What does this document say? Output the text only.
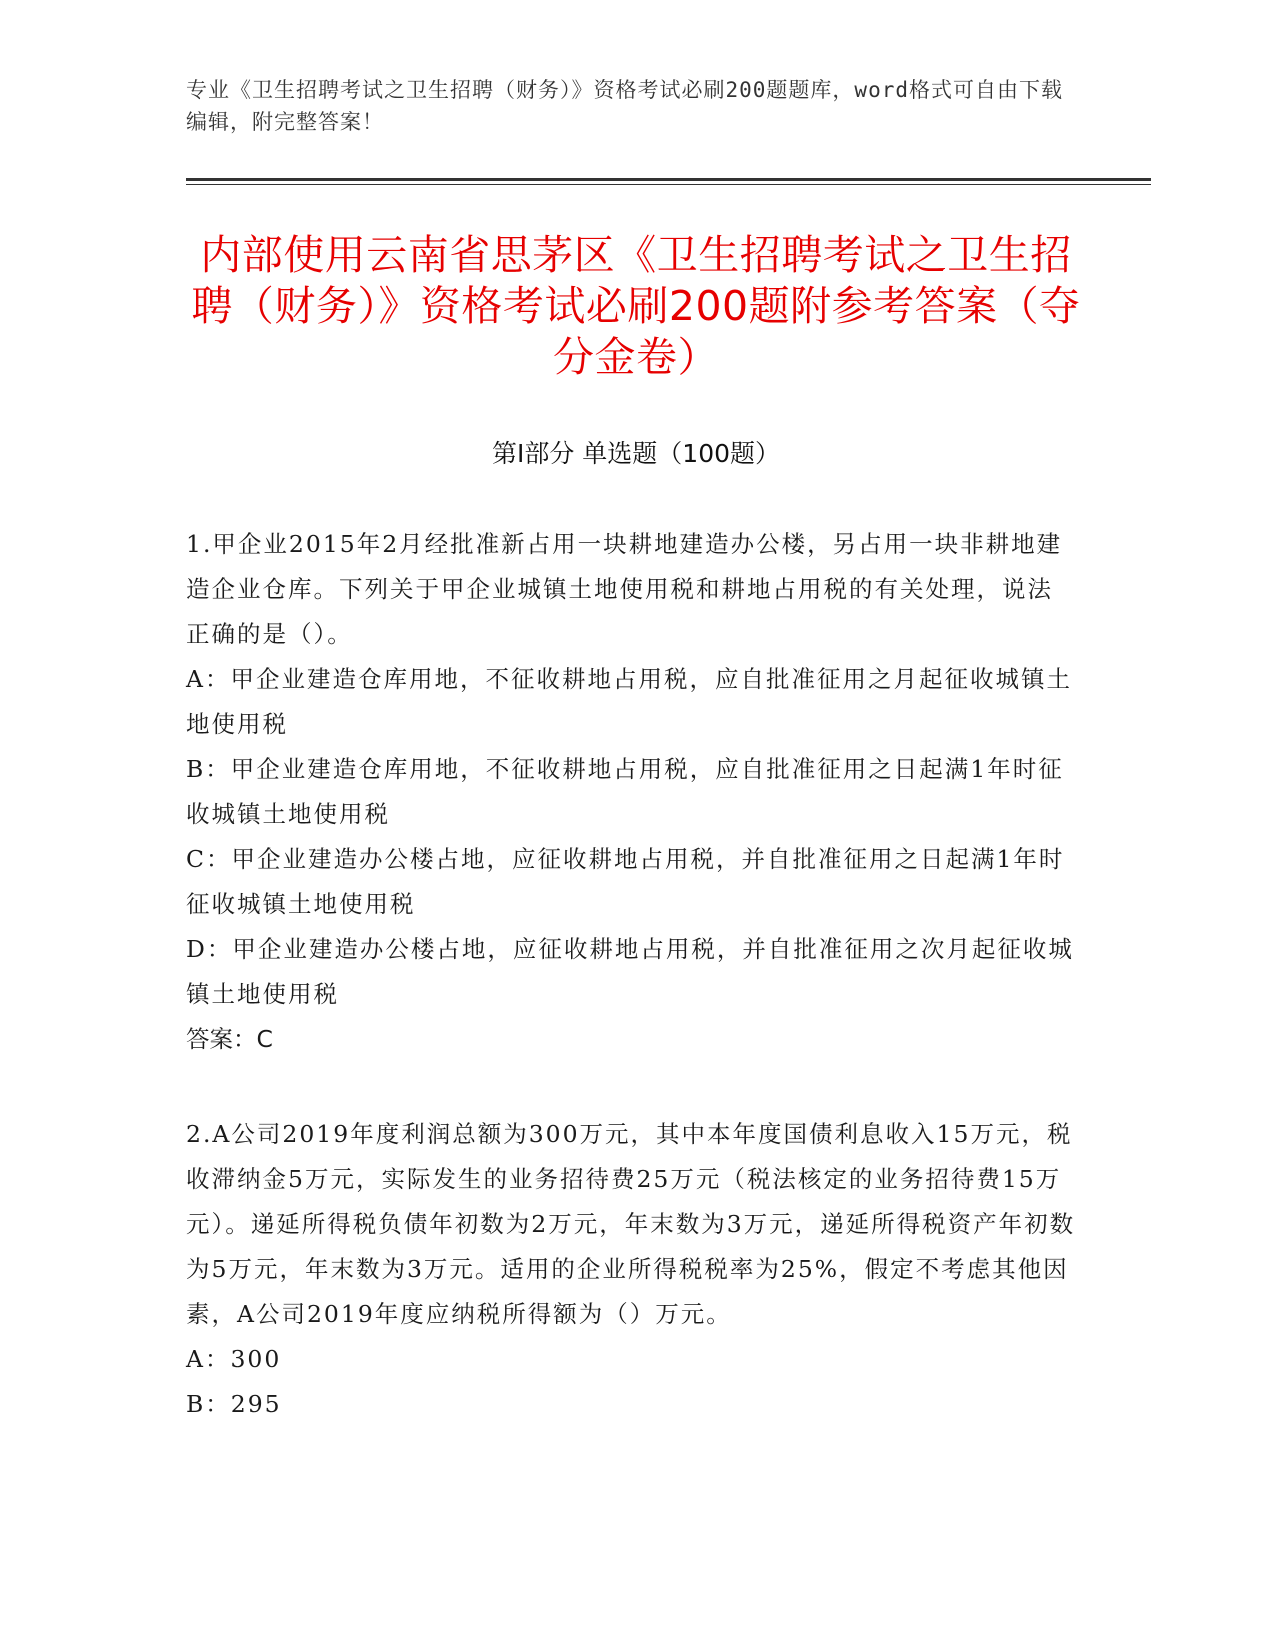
专业《卫生招聘考试之卫生招聘（财务）》资格考试必刷200题题库，word格式可自由下载编辑，附完整答案！
内部使用云南省思茅区《卫生招聘考试之卫生招聘（财务）》资格考试必刷200题附参考答案（夺分金卷）
第Ⅰ部分 单选题（100题）

1.甲企业2015年2月经批准新占用一块耕地建造办公楼，另占用一块非耕地建造企业仓库。下列关于甲企业城镇土地使用税和耕地占用税的有关处理，说法正确的是（）。

A：甲企业建造仓库用地，不征收耕地占用税，应自批准征用之月起征收城镇土地使用税

B：甲企业建造仓库用地，不征收耕地占用税，应自批准征用之日起满1年时征收城镇土地使用税

C：甲企业建造办公楼占地，应征收耕地占用税，并自批准征用之日起满1年时征收城镇土地使用税

D：甲企业建造办公楼占地，应征收耕地占用税，并自批准征用之次月起征收城镇土地使用税

答案：C

2.A公司2019年度利润总额为300万元，其中本年度国债利息收入15万元，税收滞纳金5万元，实际发生的业务招待费25万元（税法核定的业务招待费15万元）。递延所得税负债年初数为2万元，年末数为3万元，递延所得税资产年初数为5万元，年末数为3万元。适用的企业所得税税率为25%，假定不考虑其他因素，A公司2019年度应纳税所得额为（）万元。

A：300

B：295
